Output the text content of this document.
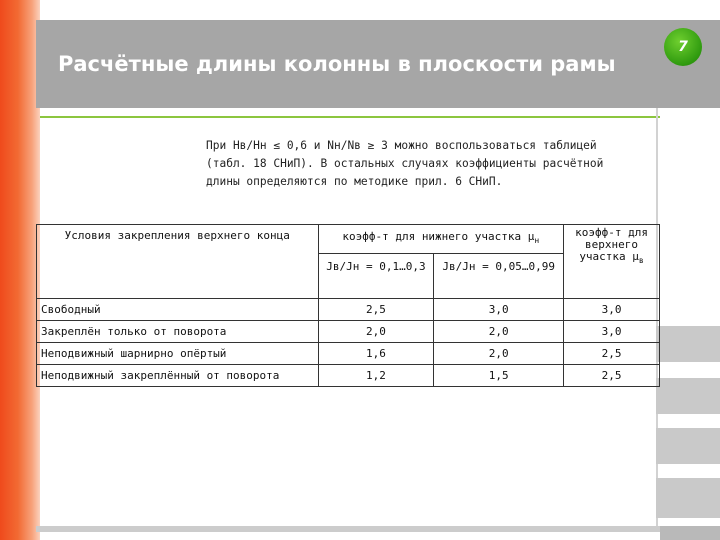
Расчётные длины колонны в плоскости рамы
7
При Нв/Нн ≤ 0,6 и Nн/Nв ≥ 3 можно воспользоваться таблицей (табл. 18 СНиП). В остальных случаях коэффициенты расчётной длины определяются по методике прил. 6 СНиП.
Условия закрепления верхнего конца	коэфф-т для нижнего участка $\mu_н$		коэфф-т для верхнего участка $\mu_в$
	Jв/Jн = 0,1…0,3	Jв/Jн = 0,05…0,99	
Свободный	2,5	3,0	3,0
Закреплён только от поворота	2,0	2,0	3,0
Неподвижный шарнирно опёртый	1,6	2,0	2,5
Неподвижный закреплённый от поворота	1,2	1,5	2,5
